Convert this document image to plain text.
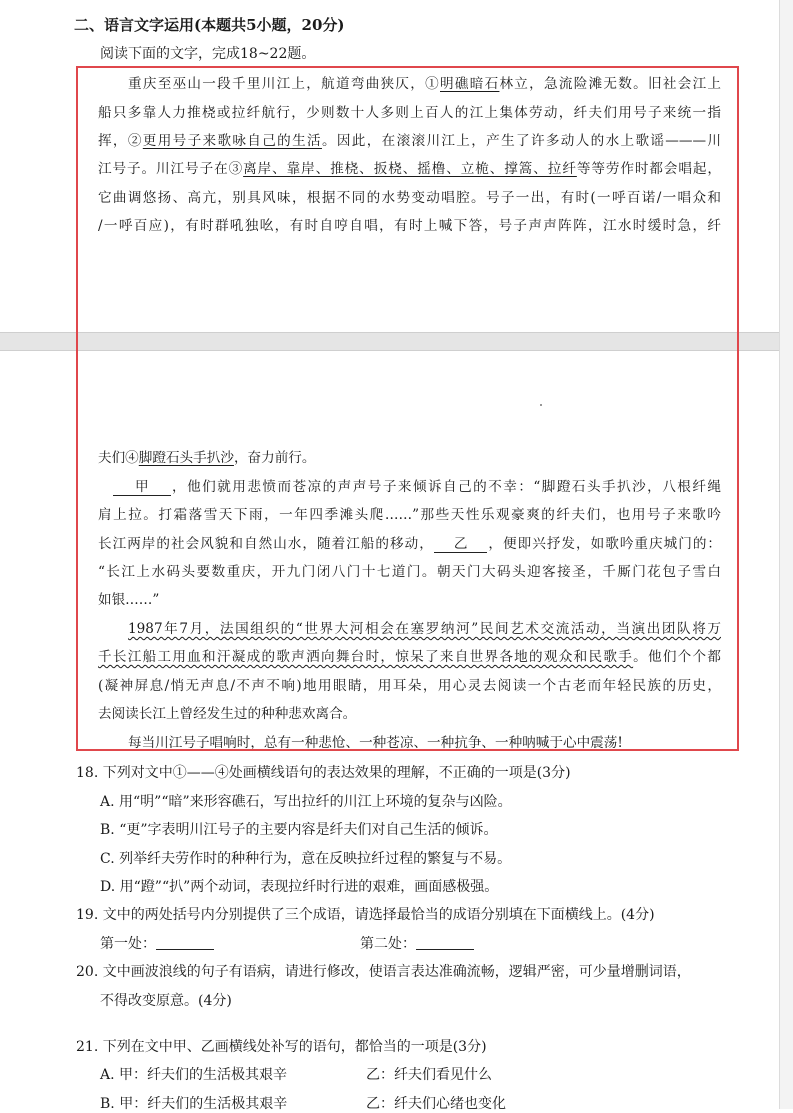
二、语言文字运用(本题共5小题，20分)
阅读下面的文字，完成18~22题。
重庆至巫山一段千里川江上，航道弯曲狭仄，①明礁暗石林立，急流险滩无数。旧社会江上
船只多靠人力推桡或拉纤航行，少则数十人多则上百人的江上集体劳动，纤夫们用号子来统一指
挥，②更用号子来歌咏自己的生活。因此，在滚滚川江上，产生了许多动人的水上歌谣———川
江号子。川江号子在③离岸、靠岸、推桡、扳桡、摇橹、立桅、撑篙、拉纤等等劳作时都会唱起，
它曲调悠扬、高亢，别具风味，根据不同的水势变动唱腔。号子一出，有时(一呼百诺/一唱众和
/一呼百应)，有时群吼独吆，有时自哼自唱，有时上喊下答，号子声声阵阵，江水时缓时急，纤
夫们④脚蹬石头手扒沙，奋力前行。
甲 ，他们就用悲愤而苍凉的声声号子来倾诉自己的不幸：“脚蹬石头手扒沙，八根纤绳
肩上拉。打霜落雪天下雨，一年四季滩头爬……”那些天性乐观豪爽的纤夫们，也用号子来歌吟
长江两岸的社会风貌和自然山水，随着江船的移动， 乙 ，便即兴抒发，如歌吟重庆城门的：
“长江上水码头要数重庆，开九门闭八门十七道门。朝天门大码头迎客接圣，千厮门花包子雪白
如银……”
1987年7月，法国组织的“世界大河相会在塞罗纳河”民间艺术交流活动，当演出团队将万
千长江船工用血和汗凝成的歌声洒向舞台时，惊呆了来自世界各地的观众和民歌手。他们个个都
(凝神屏息/悄无声息/不声不响)地用眼睛，用耳朵，用心灵去阅读一个古老而年轻民族的历史，
去阅读长江上曾经发生过的种种悲欢离合。
每当川江号子唱响时，总有一种悲怆、一种苍凉、一种抗争、一种呐喊于心中震荡!
18. 下列对文中①——④处画横线语句的表达效果的理解，不正确的一项是(3分)
A. 用“明”“暗”来形容礁石，写出拉纤的川江上环境的复杂与凶险。
B. “更”字表明川江号子的主要内容是纤夫们对自己生活的倾诉。
C. 列举纤夫劳作时的种种行为，意在反映拉纤过程的繁复与不易。
D. 用“蹬”“扒”两个动词，表现拉纤时行进的艰难，画面感极强。
19. 文中的两处括号内分别提供了三个成语，请选择最恰当的成语分别填在下面横线上。(4分)
第一处：	第二处：
20. 文中画波浪线的句子有语病，请进行修改，使语言表达准确流畅，逻辑严密，可少量增删词语，
不得改变原意。(4分)
21. 下列在文中甲、乙画横线处补写的语句，都恰当的一项是(3分)
A. 甲：纤夫们的生活极其艰辛	乙：纤夫们看见什么
B. 甲：纤夫们的生活极其艰辛	乙：纤夫们心绪也变化
